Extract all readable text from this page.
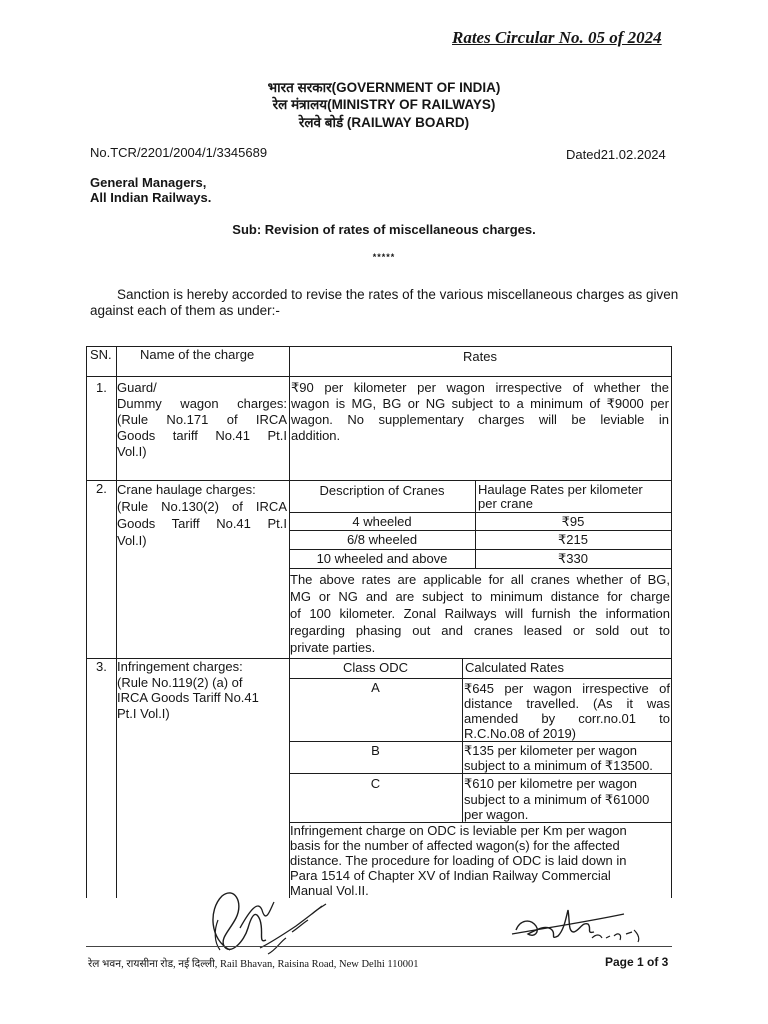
Rates Circular No. 05 of 2024
भारत सरकार(GOVERNMENT OF INDIA)
रेल मंत्रालय(MINISTRY OF RAILWAYS)
रेलवे बोर्ड (RAILWAY BOARD)
No.TCR/2201/2004/1/3345689	Dated21.02.2024
General Managers,
All Indian Railways.
Sub: Revision of rates of miscellaneous charges.
*****
Sanction is hereby accorded to revise the rates of the various miscellaneous charges as given against each of them as under:-
SN. Name of the charge	Rates
1. Guard/
Dummy wagon charges:
(Rule No.171 of IRCA
Goods tariff No.41 Pt.I
Vol.I)
₹90 per kilometer per wagon irrespective of whether the
wagon is MG, BG or NG subject to a minimum of ₹9000 per
wagon. No supplementary charges will be leviable in
addition.
2. Crane haulage charges:
(Rule No.130(2) of IRCA
Goods Tariff No.41 Pt.I
Vol.I)
Description of Cranes	Haulage Rates per kilometer
per crane
4 wheeled	₹95
6/8 wheeled	₹215
10 wheeled and above	₹330
The above rates are applicable for all cranes whether of BG,
MG or NG and are subject to minimum distance for charge
of 100 kilometer. Zonal Railways will furnish the information
regarding phasing out and cranes leased or sold out to
private parties.
3. Infringement charges:
(Rule No.119(2) (a) of
IRCA Goods Tariff No.41
Pt.I Vol.I)
Class ODC	Calculated Rates
A	₹645 per wagon irrespective of
distance travelled. (As it was
amended by corr.no.01 to
R.C.No.08 of 2019)
B	₹135 per kilometer per wagon
subject to a minimum of ₹13500.
C	₹610 per kilometre per wagon
subject to a minimum of ₹61000
per wagon.
Infringement charge on ODC is leviable per Km per wagon
basis for the number of affected wagon(s) for the affected
distance. The procedure for loading of ODC is laid down in
Para 1514 of Chapter XV of Indian Railway Commercial
Manual Vol.II.
रेल भवन, रायसीना रोड, नई दिल्ली, Rail Bhavan, Raisina Road, New Delhi 110001	Page 1 of 3
